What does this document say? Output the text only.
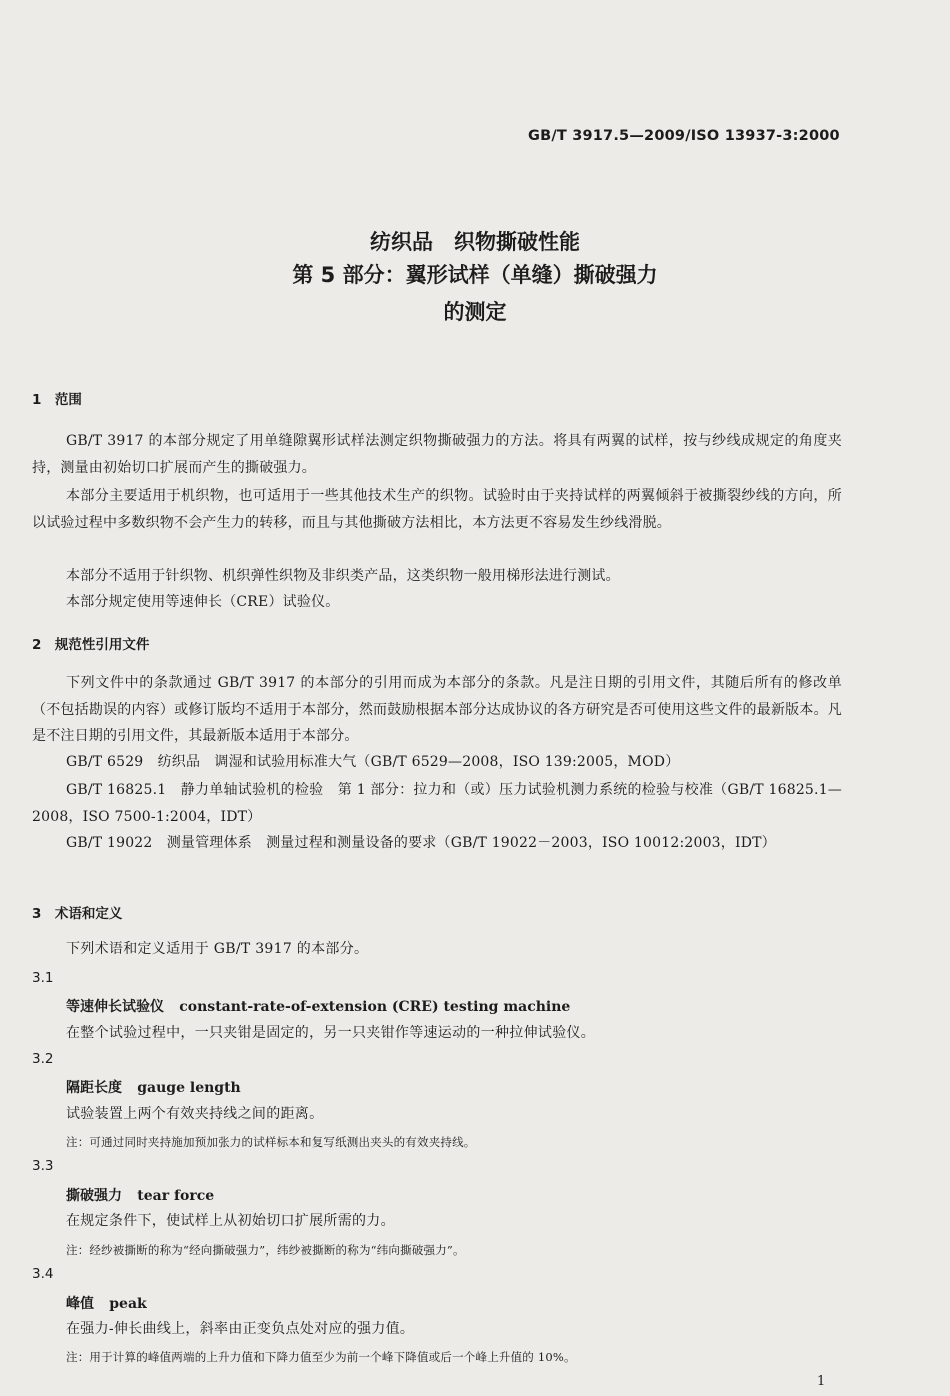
GB/T 3917.5—2009/ISO 13937-3:2000
纺织品　织物撕破性能
第 5 部分：翼形试样（单缝）撕破强力
的测定
1　范围
GB/T 3917 的本部分规定了用单缝隙翼形试样法测定织物撕破强力的方法。将具有两翼的试样，按与纱线成规定的角度夹持，测量由初始切口扩展而产生的撕破强力。
本部分主要适用于机织物，也可适用于一些其他技术生产的织物。试验时由于夹持试样的两翼倾斜于被撕裂纱线的方向，所以试验过程中多数织物不会产生力的转移，而且与其他撕破方法相比，本方法更不容易发生纱线滑脱。
本部分不适用于针织物、机织弹性织物及非织类产品，这类织物一般用梯形法进行测试。
本部分规定使用等速伸长（CRE）试验仪。
2　规范性引用文件
下列文件中的条款通过 GB/T 3917 的本部分的引用而成为本部分的条款。凡是注日期的引用文件，其随后所有的修改单（不包括勘误的内容）或修订版均不适用于本部分，然而鼓励根据本部分达成协议的各方研究是否可使用这些文件的最新版本。凡是不注日期的引用文件，其最新版本适用于本部分。
GB/T 6529　纺织品　调湿和试验用标准大气（GB/T 6529—2008，ISO 139:2005，MOD）
GB/T 16825.1　静力单轴试验机的检验　第 1 部分：拉力和（或）压力试验机测力系统的检验与校准（GB/T 16825.1—2008，ISO 7500-1:2004，IDT）
GB/T 19022　测量管理体系　测量过程和测量设备的要求（GB/T 19022－2003，ISO 10012:2003，IDT）
3　术语和定义
下列术语和定义适用于 GB/T 3917 的本部分。
3.1
等速伸长试验仪 constant-rate-of-extension (CRE) testing machine
在整个试验过程中，一只夹钳是固定的，另一只夹钳作等速运动的一种拉伸试验仪。
3.2
隔距长度 gauge length
试验装置上两个有效夹持线之间的距离。
注：可通过同时夹持施加预加张力的试样标本和复写纸测出夹头的有效夹持线。
3.3
撕破强力 tear force
在规定条件下，使试样上从初始切口扩展所需的力。
注：经纱被撕断的称为“经向撕破强力”，纬纱被撕断的称为“纬向撕破强力”。
3.4
峰值 peak
在强力-伸长曲线上，斜率由正变负点处对应的强力值。
注：用于计算的峰值两端的上升力值和下降力值至少为前一个峰下降值或后一个峰上升值的 10%。
1
